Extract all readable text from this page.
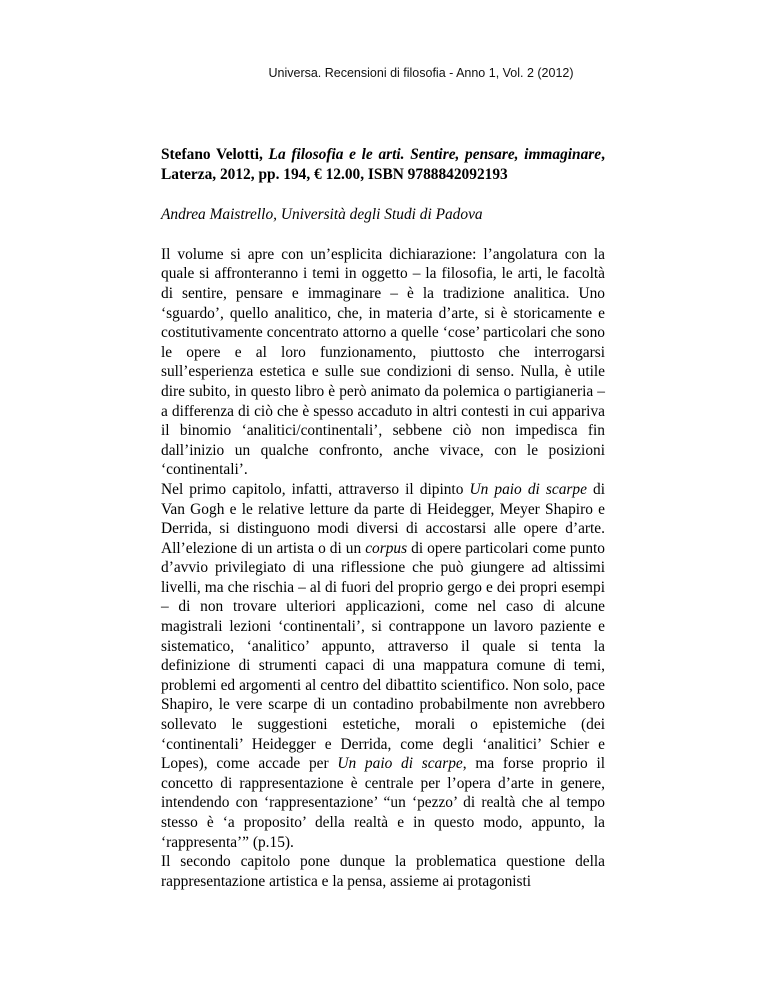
Universa. Recensioni di filosofia - Anno 1, Vol. 2 (2012)
Stefano Velotti, La filosofia e le arti. Sentire, pensare, immaginare, Laterza, 2012, pp. 194, € 12.00, ISBN 9788842092193
Andrea Maistrello, Università degli Studi di Padova

Il volume si apre con un’esplicita dichiarazione: l’angolatura con la quale si affronteranno i temi in oggetto – la filosofia, le arti, le facoltà di sentire, pensare e immaginare – è la tradizione analitica. Uno ‘sguardo’, quello analitico, che, in materia d’arte, si è storicamente e costitutivamente concentrato attorno a quelle ‘cose’ particolari che sono le opere e al loro funzionamento, piuttosto che interrogarsi sull’esperienza estetica e sulle sue condizioni di senso. Nulla, è utile dire subito, in questo libro è però animato da polemica o partigianeria – a differenza di ciò che è spesso accaduto in altri contesti in cui appariva il binomio ‘analitici/continentali’, sebbene ciò non impedisca fin dall’inizio un qualche confronto, anche vivace, con le posizioni ‘continentali’.

Nel primo capitolo, infatti, attraverso il dipinto Un paio di scarpe di Van Gogh e le relative letture da parte di Heidegger, Meyer Shapiro e Derrida, si distinguono modi diversi di accostarsi alle opere d’arte. All’elezione di un artista o di un corpus di opere particolari come punto d’avvio privilegiato di una riflessione che può giungere ad altissimi livelli, ma che rischia – al di fuori del proprio gergo e dei propri esempi – di non trovare ulteriori applicazioni, come nel caso di alcune magistrali lezioni ‘continentali’, si contrappone un lavoro paziente e sistematico, ‘analitico’ appunto, attraverso il quale si tenta la definizione di strumenti capaci di una mappatura comune di temi, problemi ed argomenti al centro del dibattito scientifico. Non solo, pace Shapiro, le vere scarpe di un contadino probabilmente non avrebbero sollevato le suggestioni estetiche, morali o epistemiche (dei ‘continentali’ Heidegger e Derrida, come degli ‘analitici’ Schier e Lopes), come accade per Un paio di scarpe, ma forse proprio il concetto di rappresentazione è centrale per l’opera d’arte in genere, intendendo con ‘rappresentazione’ “un ‘pezzo’ di realtà che al tempo stesso è ‘a proposito’ della realtà e in questo modo, appunto, la ‘rappresenta’” (p.15).

Il secondo capitolo pone dunque la problematica questione della rappresentazione artistica e la pensa, assieme ai protagonisti
